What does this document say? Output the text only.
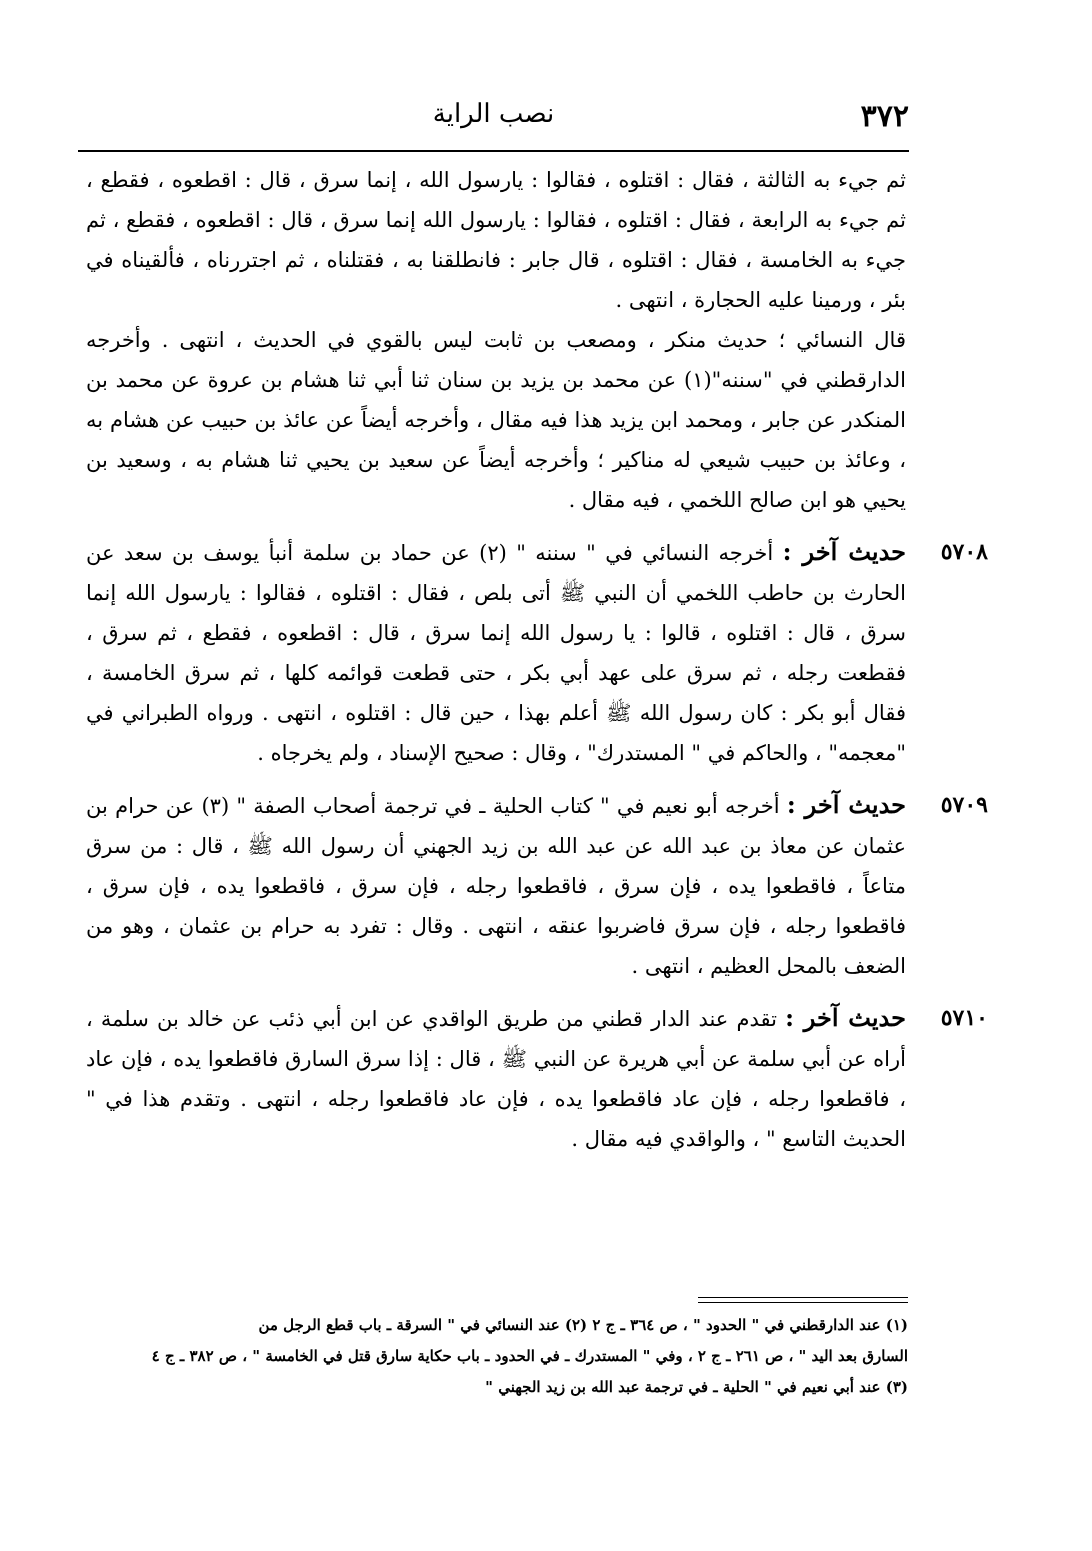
٣٧٢
نصب الراية

ثم جيء به الثالثة ، فقال : اقتلوه ، فقالوا : يارسول الله ، إنما سرق ، قال : اقطعوه ، فقطع ، ثم جيء به الرابعة ، فقال : اقتلوه ، فقالوا : يارسول الله إنما سرق ، قال : اقطعوه ، فقطع ، ثم جيء به الخامسة ، فقال : اقتلوه ، قال جابر : فانطلقنا به ، فقتلناه ، ثم اجتررناه ، فألقيناه في بئر ، ورمينا عليه الحجارة ، انتهى .

قال النسائي ؛ حديث منكر ، ومصعب بن ثابت ليس بالقوي في الحديث ، انتهى . وأخرجه الدارقطني في "سننه"(١) عن محمد بن يزيد بن سنان ثنا أبي ثنا هشام بن عروة عن محمد بن المنكدر عن جابر ، ومحمد ابن يزيد هذا فيه مقال ، وأخرجه أيضاً عن عائذ بن حبيب عن هشام به ، وعائذ بن حبيب شيعي له مناكير ؛ وأخرجه أيضاً عن سعيد بن يحيي ثنا هشام به ، وسعيد بن يحيي هو ابن صالح اللخمي ، فيه مقال .

٥٧٠٨

حديث آخر : أخرجه النسائي في " سننه " (٢) عن حماد بن سلمة أنبأ يوسف بن سعد عن الحارث بن حاطب اللخمي أن النبي ﷺ أتى بلص ، فقال : اقتلوه ، فقالوا : يارسول الله إنما سرق ، قال : اقتلوه ، قالوا : يا رسول الله إنما سرق ، قال : اقطعوه ، فقطع ، ثم سرق ، فقطعت رجله ، ثم سرق على عهد أبي بكر ، حتى قطعت قوائمه كلها ، ثم سرق الخامسة ، فقال أبو بكر : كان رسول الله ﷺ أعلم بهذا ، حين قال : اقتلوه ، انتهى . ورواه الطبراني في "معجمه" ، والحاكم في " المستدرك" ، وقال : صحيح الإسناد ، ولم يخرجاه .

٥٧٠٩

حديث آخر : أخرجه أبو نعيم في " كتاب الحلية ـ في ترجمة أصحاب الصفة " (٣) عن حرام بن عثمان عن معاذ بن عبد الله عن عبد الله بن زيد الجهني أن رسول الله ﷺ ، قال : من سرق متاعاً ، فاقطعوا يده ، فإن سرق ، فاقطعوا رجله ، فإن سرق ، فاقطعوا يده ، فإن سرق ، فاقطعوا رجله ، فإن سرق فاضربوا عنقه ، انتهى . وقال : تفرد به حرام بن عثمان ، وهو من الضعف بالمحل العظيم ، انتهى .

٥٧١٠

حديث آخر : تقدم عند الدار قطني من طريق الواقدي عن ابن أبي ذئب عن خالد بن سلمة ، أراه عن أبي سلمة عن أبي هريرة عن النبي ﷺ ، قال : إذا سرق السارق فاقطعوا يده ، فإن عاد ، فاقطعوا رجله ، فإن عاد فاقطعوا يده ، فإن عاد فاقطعوا رجله ، انتهى . وتقدم هذا في " الحديث التاسع " ، والواقدي فيه مقال .

(١) عند الدارقطني في " الحدود " ، ص ٣٦٤ ـ ج ٢ (٢) عند النسائي في " السرقة ـ باب قطع الرجل من

السارق بعد اليد " ، ص ٢٦١ ـ ج ٢ ، وفي " المستدرك ـ في الحدود ـ باب حكاية سارق قتل في الخامسة " ، ص ٣٨٢ ـ ج ٤

(٣) عند أبي نعيم في " الحلية ـ في ترجمة عبد الله بن زيد الجهني "
